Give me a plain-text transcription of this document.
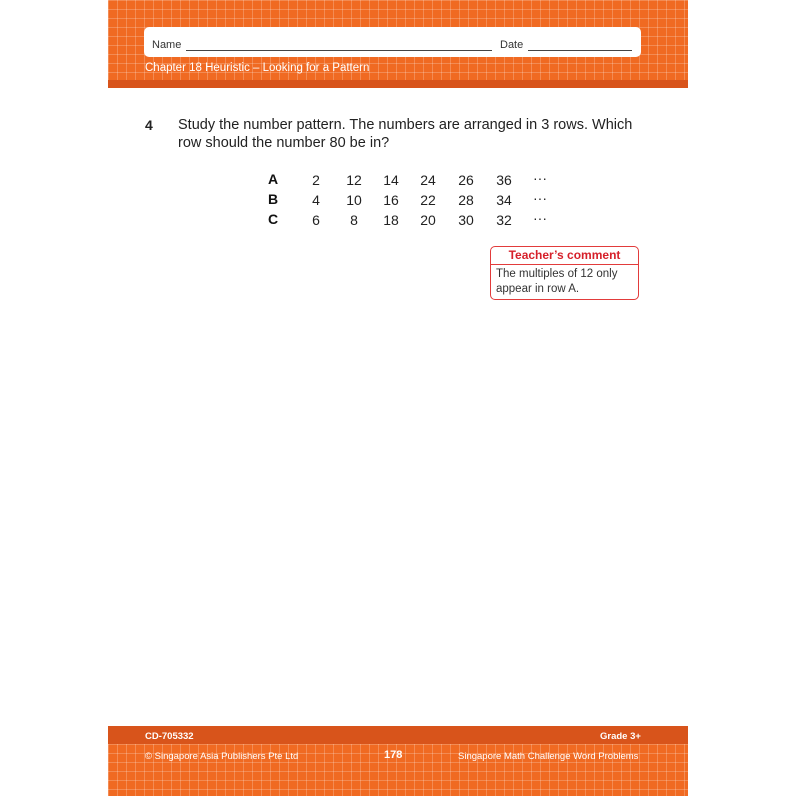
Name	Date
Chapter 18 Heuristic – Looking for a Pattern
4 Study the number pattern. The numbers are arranged in 3 rows. Which row should the number 80 be in?
A	2	12	14	24	26	36	···
B	4	10	16	22	28	34	···
C	6	8	18	20	30	32	···
Teacher’s comment
The multiples of 12 only appear in row A.
CD-705332	Grade 3+
© Singapore Asia Publishers Pte Ltd	178	Singapore Math Challenge Word Problems
